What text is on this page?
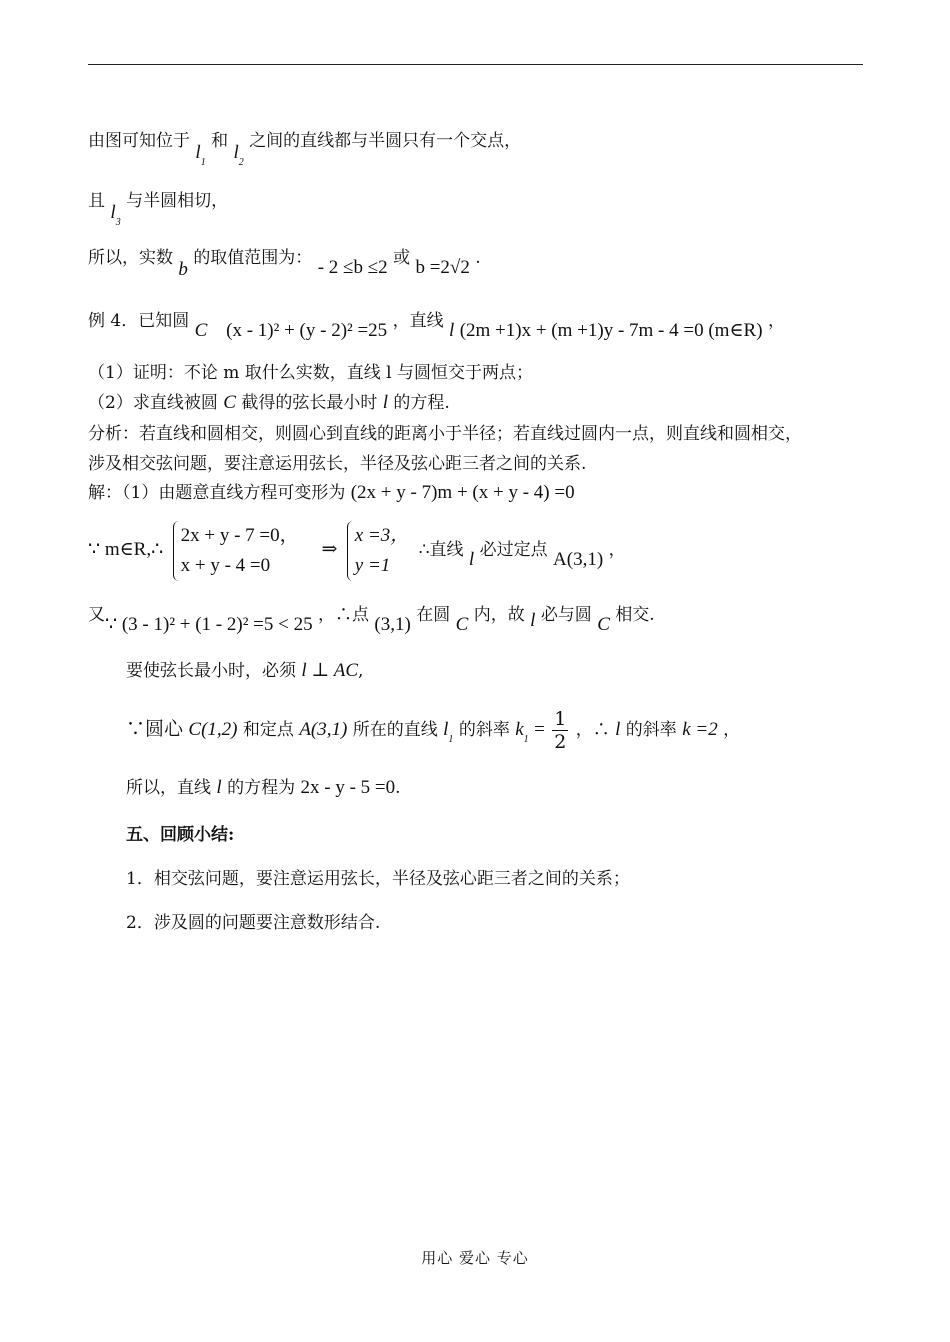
由图可知位于 $l_1$ 和 $l_2$ 之间的直线都与半圆只有一个交点，
且 $l_3$ 与半圆相切，
所以，实数 b 的取值范围为： - 2 ≤b ≤2 或 b =2√2 .
例 4．已知圆 C (x - 1)² + (y - 2)² =25 ，直线 l (2m +1)x + (m +1)y - 7m - 4 =0 (m∈R) ，
（1）证明：不论 m 取什么实数，直线 l 与圆恒交于两点；
（2）求直线被圆 C 截得的弦长最小时 l 的方程.
分析：若直线和圆相交，则圆心到直线的距离小于半径；若直线过圆内一点，则直线和圆相交，
涉及相交弦问题，要注意运用弦长，半径及弦心距三者之间的关系.
解：（1）由题意直线方程可变形为 (2x + y - 7)m + (x + y - 4) =0
∵ m∈R,∴
2x + y - 7 =0，
x + y - 4 =0
⇒
x =3，
y =1
∴直线 l 必过定点 A(3,1) ，
又∵ (3 - 1)² + (1 - 2)² =5 < 25 ，∴点 (3,1) 在圆 C 内，故 l 必与圆 C 相交.
要使弦长最小时，必须 l ⊥ AC,
∵圆心 C(1,2) 和定点 A(3,1) 所在的直线 $l_1$ 的斜率 $k_1 = \frac{1}{2}$ ，∴ l 的斜率 k =2 ，
所以，直线 l 的方程为 2x - y - 5 =0.
五、回顾小结:
1．相交弦问题，要注意运用弦长，半径及弦心距三者之间的关系；
2．涉及圆的问题要注意数形结合.
用心 爱心 专心
